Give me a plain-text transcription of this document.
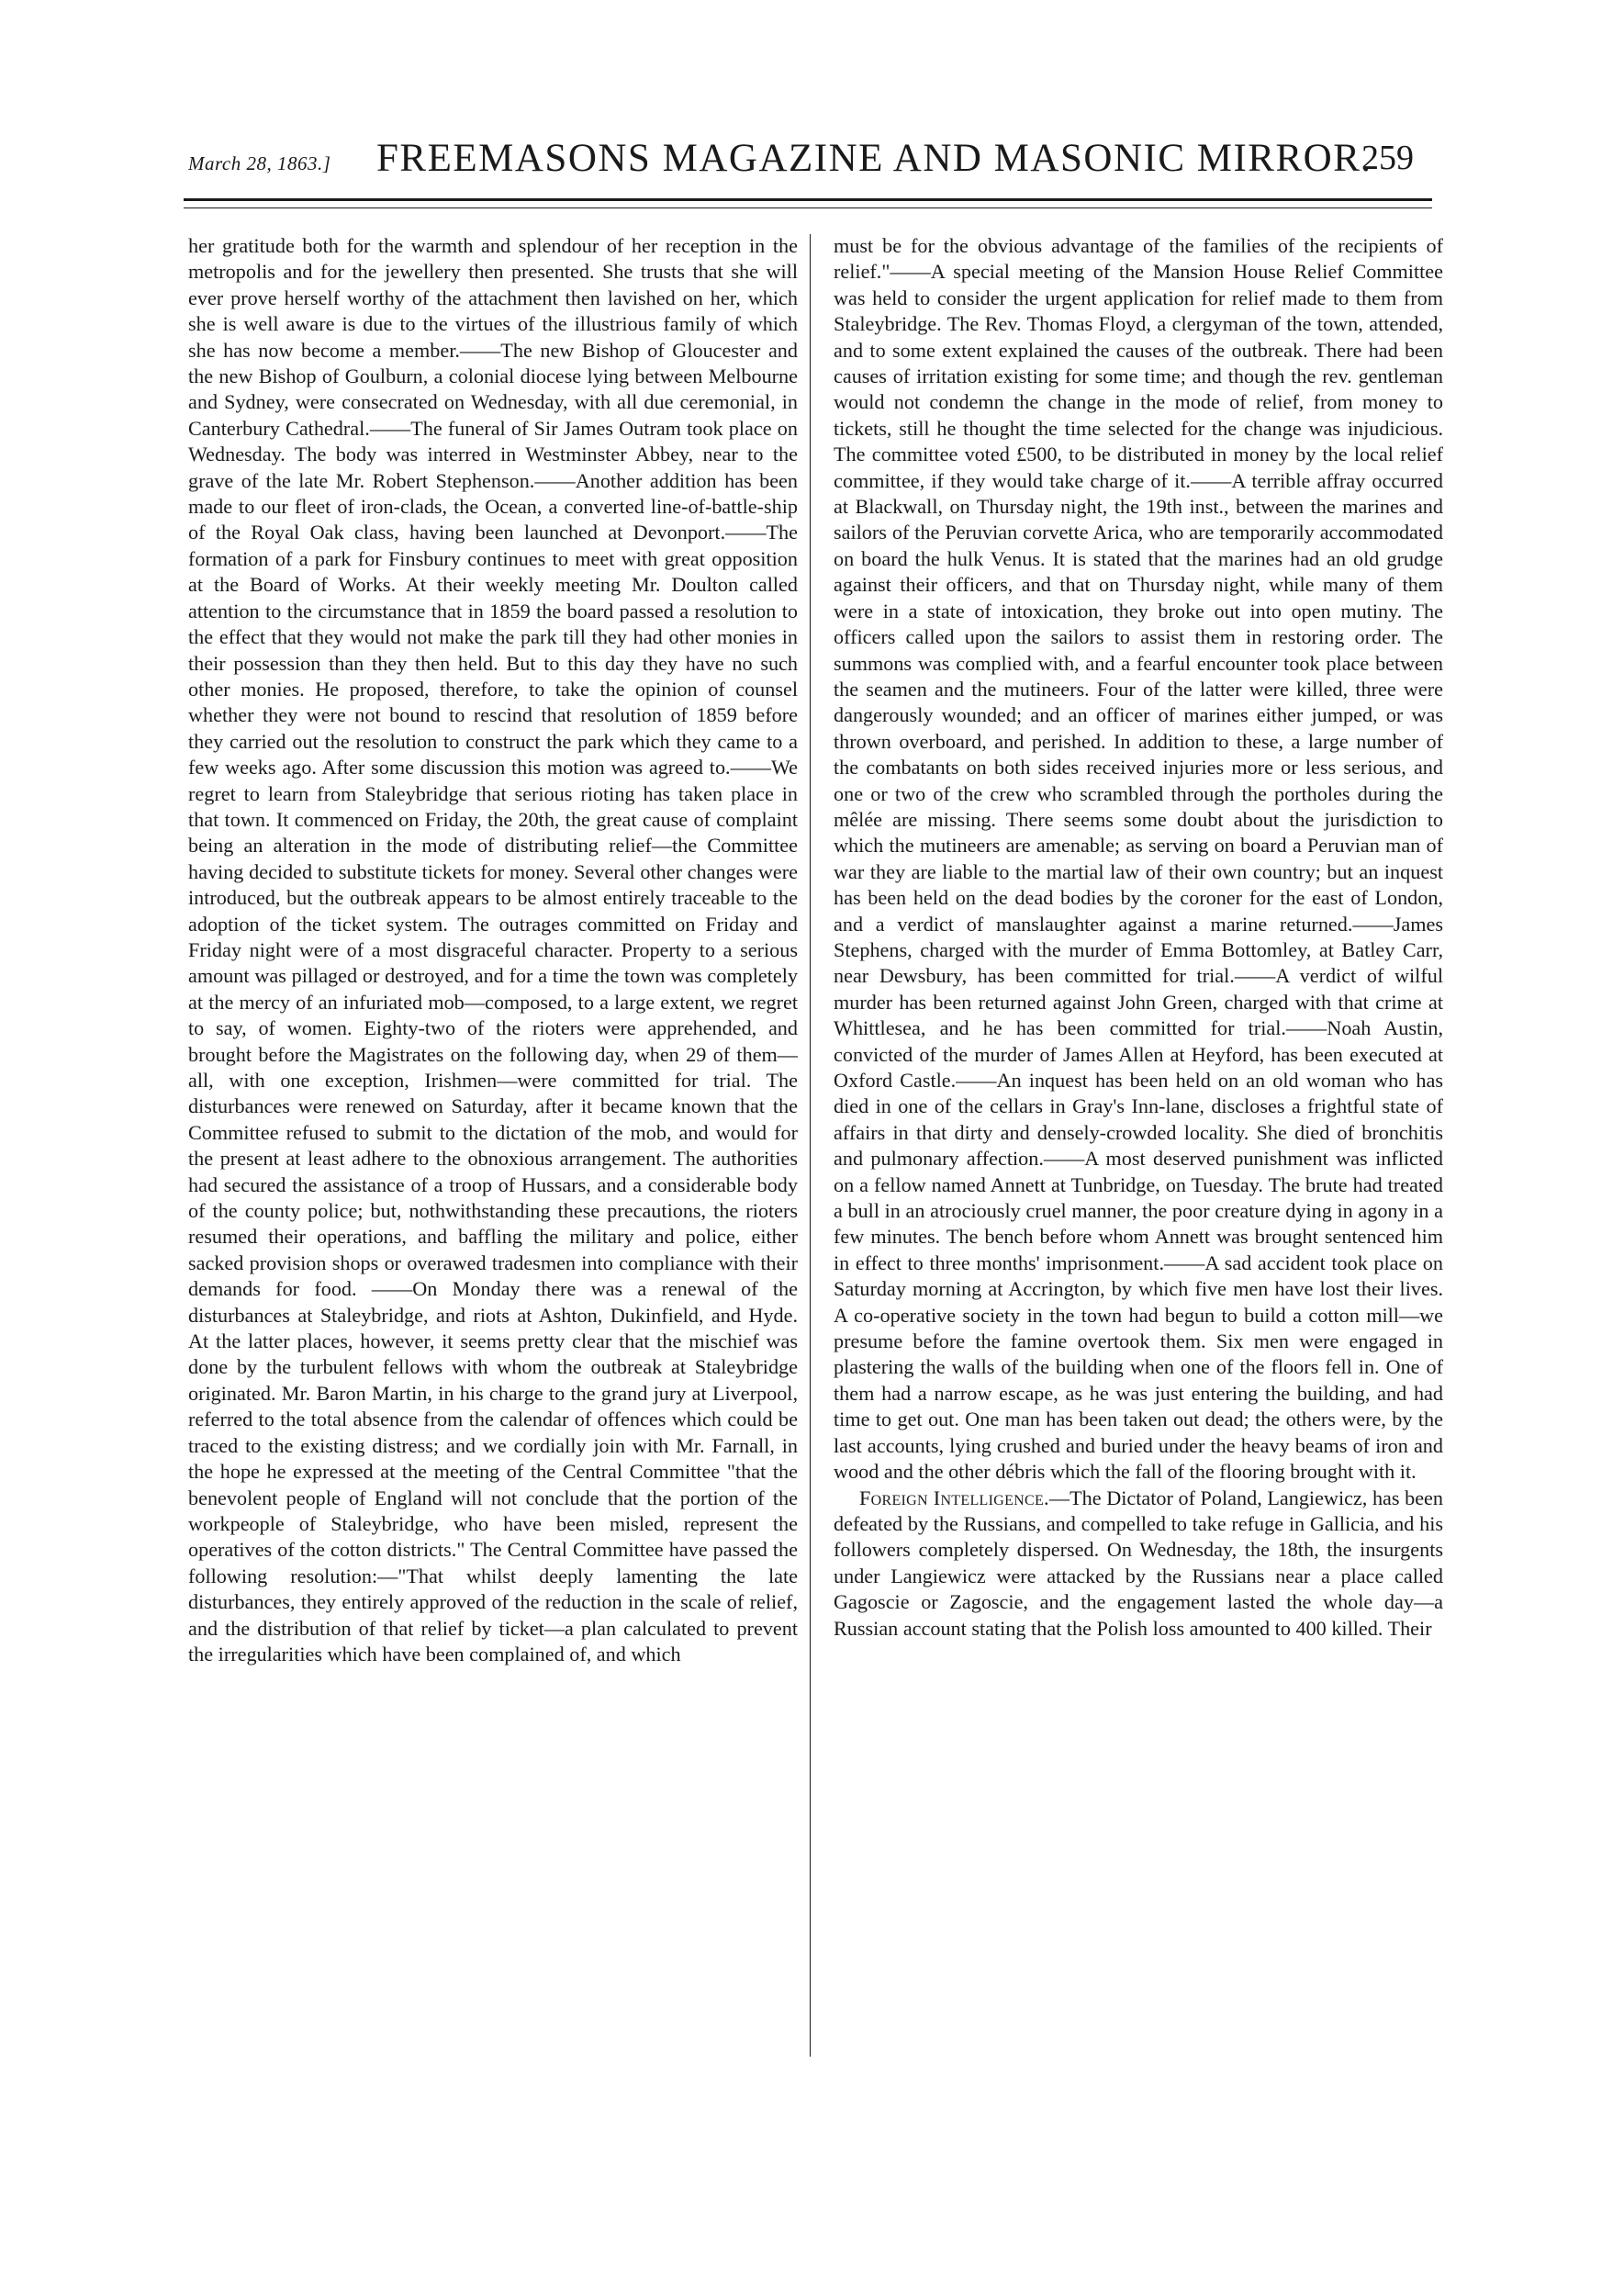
March 28, 1863.] FREEMASONS MAGAZINE AND MASONIC MIRROR.
259

her gratitude both for the warmth and splendour of her reception in the metropolis and for the jewellery then presented. She trusts that she will ever prove herself worthy of the attachment then lavished on her, which she is well aware is due to the virtues of the illustrious family of which she has now become a member.——The new Bishop of Gloucester and the new Bishop of Goulburn, a colonial diocese lying between Melbourne and Sydney, were consecrated on Wednesday, with all due ceremonial, in Canterbury Cathedral.——The funeral of Sir James Outram took place on Wednesday. The body was interred in Westminster Abbey, near to the grave of the late Mr. Robert Stephenson.——Another addition has been made to our fleet of iron-clads, the Ocean, a converted line-of-battle-ship of the Royal Oak class, having been launched at Devonport.——The formation of a park for Finsbury continues to meet with great opposition at the Board of Works. At their weekly meeting Mr. Doulton called attention to the circumstance that in 1859 the board passed a resolution to the effect that they would not make the park till they had other monies in their possession than they then held. But to this day they have no such other monies. He proposed, therefore, to take the opinion of counsel whether they were not bound to rescind that resolution of 1859 before they carried out the resolution to construct the park which they came to a few weeks ago. After some discussion this motion was agreed to.——We regret to learn from Staleybridge that serious rioting has taken place in that town. It commenced on Friday, the 20th, the great cause of complaint being an alteration in the mode of distributing relief—the Committee having decided to substitute tickets for money. Several other changes were introduced, but the outbreak appears to be almost entirely traceable to the adoption of the ticket system. The outrages committed on Friday and Friday night were of a most disgraceful character. Property to a serious amount was pillaged or destroyed, and for a time the town was completely at the mercy of an infuriated mob—composed, to a large extent, we regret to say, of women. Eighty-two of the rioters were apprehended, and brought before the Magistrates on the following day, when 29 of them—all, with one exception, Irishmen—were committed for trial. The disturbances were renewed on Saturday, after it became known that the Committee refused to submit to the dictation of the mob, and would for the present at least adhere to the obnoxious arrangement. The authorities had secured the assistance of a troop of Hussars, and a considerable body of the county police; but, nothwithstanding these precautions, the rioters resumed their operations, and baffling the military and police, either sacked provision shops or overawed tradesmen into compliance with their demands for food. ——On Monday there was a renewal of the disturbances at Staleybridge, and riots at Ashton, Dukinfield, and Hyde. At the latter places, however, it seems pretty clear that the mischief was done by the turbulent fellows with whom the outbreak at Staleybridge originated. Mr. Baron Martin, in his charge to the grand jury at Liverpool, referred to the total absence from the calendar of offences which could be traced to the existing distress; and we cordially join with Mr. Farnall, in the hope he expressed at the meeting of the Central Committee "that the benevolent people of England will not conclude that the portion of the workpeople of Staleybridge, who have been misled, represent the operatives of the cotton districts." The Central Committee have passed the following resolution:—"That whilst deeply lamenting the late disturbances, they entirely approved of the reduction in the scale of relief, and the distribution of that relief by ticket—a plan calculated to prevent the irregularities which have been complained of, and which

must be for the obvious advantage of the families of the recipients of relief."——A special meeting of the Mansion House Relief Committee was held to consider the urgent application for relief made to them from Staleybridge. The Rev. Thomas Floyd, a clergyman of the town, attended, and to some extent explained the causes of the outbreak. There had been causes of irritation existing for some time; and though the rev. gentleman would not condemn the change in the mode of relief, from money to tickets, still he thought the time selected for the change was injudicious. The committee voted £500, to be distributed in money by the local relief committee, if they would take charge of it.——A terrible affray occurred at Blackwall, on Thursday night, the 19th inst., between the marines and sailors of the Peruvian corvette Arica, who are temporarily accommodated on board the hulk Venus. It is stated that the marines had an old grudge against their officers, and that on Thursday night, while many of them were in a state of intoxication, they broke out into open mutiny. The officers called upon the sailors to assist them in restoring order. The summons was complied with, and a fearful encounter took place between the seamen and the mutineers. Four of the latter were killed, three were dangerously wounded; and an officer of marines either jumped, or was thrown overboard, and perished. In addition to these, a large number of the combatants on both sides received injuries more or less serious, and one or two of the crew who scrambled through the portholes during the mêlée are missing. There seems some doubt about the jurisdiction to which the mutineers are amenable; as serving on board a Peruvian man of war they are liable to the martial law of their own country; but an inquest has been held on the dead bodies by the coroner for the east of London, and a verdict of manslaughter against a marine returned.——James Stephens, charged with the murder of Emma Bottomley, at Batley Carr, near Dewsbury, has been committed for trial.——A verdict of wilful murder has been returned against John Green, charged with that crime at Whittlesea, and he has been committed for trial.——Noah Austin, convicted of the murder of James Allen at Heyford, has been executed at Oxford Castle.——An inquest has been held on an old woman who has died in one of the cellars in Gray's Inn-lane, discloses a frightful state of affairs in that dirty and densely-crowded locality. She died of bronchitis and pulmonary affection.——A most deserved punishment was inflicted on a fellow named Annett at Tunbridge, on Tuesday. The brute had treated a bull in an atrociously cruel manner, the poor creature dying in agony in a few minutes. The bench before whom Annett was brought sentenced him in effect to three months' imprisonment.——A sad accident took place on Saturday morning at Accrington, by which five men have lost their lives. A co-operative society in the town had begun to build a cotton mill—we presume before the famine overtook them. Six men were engaged in plastering the walls of the building when one of the floors fell in. One of them had a narrow escape, as he was just entering the building, and had time to get out. One man has been taken out dead; the others were, by the last accounts, lying crushed and buried under the heavy beams of iron and wood and the other débris which the fall of the flooring brought with it.

Foreign Intelligence.—The Dictator of Poland, Langiewicz, has been defeated by the Russians, and compelled to take refuge in Gallicia, and his followers completely dispersed. On Wednesday, the 18th, the insurgents under Langiewicz were attacked by the Russians near a place called Gagoscie or Zagoscie, and the engagement lasted the whole day—a Russian account stating that the Polish loss amounted to 400 killed. Their
